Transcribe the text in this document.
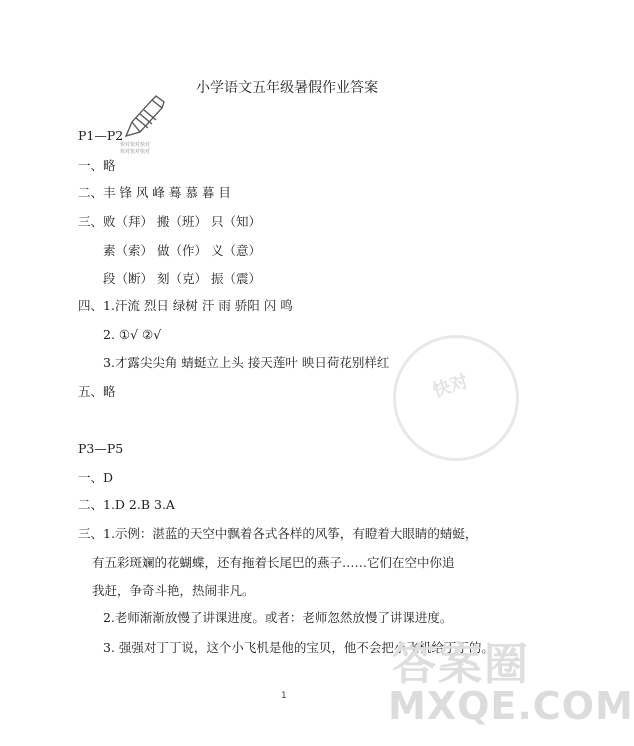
小学语文五年级暑假作业答案
快对快对快对
快对快对快对
P1—P2
一、略
二、丰 锋 风 峰 蓦 慕 暮 目
三、败（拜） 搬（班） 只（知）
素（索） 做（作） 义（意）
段（断） 刻（克） 振（震）
四、1.汗流 烈日 绿树 汗 雨 骄阳 闪 鸣
2. ①√ ②√
3.才露尖尖角 蜻蜓立上头 接天莲叶 映日荷花别样红
五、略	快对
P3—P5
一、D
二、1.D 2.B 3.A
三、1.示例：湛蓝的天空中飘着各式各样的风筝，有瞪着大眼睛的蜻蜓，
有五彩斑斓的花蝴蝶，还有拖着长尾巴的燕子……它们在空中你追
我赶，争奇斗艳，热闹非凡。
2.老师渐渐放慢了讲课进度。或者：老师忽然放慢了讲课进度。
3. 强强对丁丁说，这个小飞机是他的宝贝，他不会把小飞机给丁丁的。
答案圈
MXQE.COM
1
